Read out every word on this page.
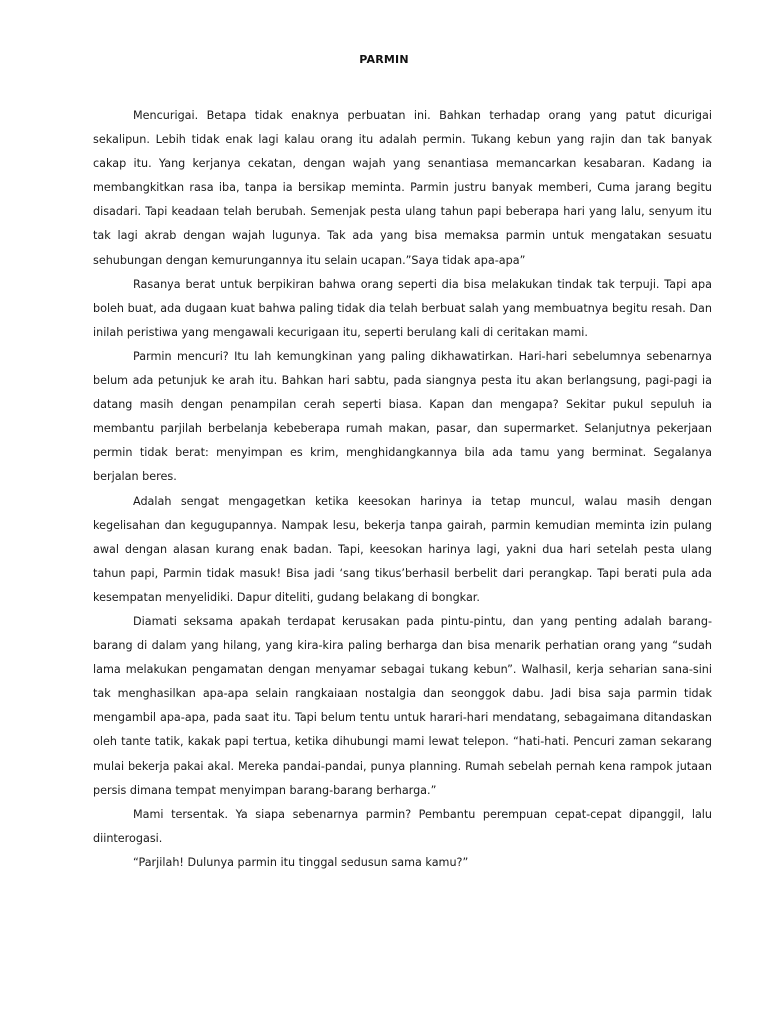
PARMIN

Mencurigai. Betapa tidak enaknya perbuatan ini. Bahkan terhadap orang yang patut dicurigai sekalipun. Lebih tidak enak lagi kalau orang itu adalah permin. Tukang kebun yang rajin dan tak banyak cakap itu. Yang kerjanya cekatan, dengan wajah yang senantiasa memancarkan kesabaran. Kadang ia membangkitkan rasa iba, tanpa ia bersikap meminta. Parmin justru banyak memberi, Cuma jarang begitu disadari. Tapi keadaan telah berubah. Semenjak pesta ulang tahun papi beberapa hari yang lalu, senyum itu tak lagi akrab dengan wajah lugunya. Tak ada yang bisa memaksa parmin untuk mengatakan sesuatu sehubungan dengan kemurungannya itu selain ucapan.”Saya tidak apa-apa”

Rasanya berat untuk berpikiran bahwa orang seperti dia bisa melakukan tindak tak terpuji. Tapi apa boleh buat, ada dugaan kuat bahwa paling tidak dia telah berbuat salah yang membuatnya begitu resah. Dan inilah peristiwa yang mengawali kecurigaan itu, seperti berulang kali di ceritakan mami.

Parmin mencuri? Itu lah kemungkinan yang paling dikhawatirkan. Hari-hari sebelumnya sebenarnya belum ada petunjuk ke arah itu. Bahkan hari sabtu, pada siangnya pesta itu akan berlangsung, pagi-pagi ia datang masih dengan penampilan cerah seperti biasa. Kapan dan mengapa? Sekitar pukul sepuluh ia membantu parjilah berbelanja kebeberapa rumah makan, pasar, dan supermarket. Selanjutnya pekerjaan permin tidak berat: menyimpan es krim, menghidangkannya bila ada tamu yang berminat. Segalanya berjalan beres.

Adalah sengat mengagetkan ketika keesokan harinya ia tetap muncul, walau masih dengan kegelisahan dan kegugupannya. Nampak lesu, bekerja tanpa gairah, parmin kemudian meminta izin pulang awal dengan alasan kurang enak badan. Tapi, keesokan harinya lagi, yakni dua hari setelah pesta ulang tahun papi, Parmin tidak masuk! Bisa jadi ‘sang tikus’berhasil berbelit dari perangkap. Tapi berati pula ada kesempatan menyelidiki. Dapur diteliti, gudang belakang di bongkar.

Diamati seksama apakah terdapat kerusakan pada pintu-pintu, dan yang penting adalah barang-barang di dalam yang hilang, yang kira-kira paling berharga dan bisa menarik perhatian orang yang “sudah lama melakukan pengamatan dengan menyamar sebagai tukang kebun”. Walhasil, kerja seharian sana-sini tak menghasilkan apa-apa selain rangkaiaan nostalgia dan seonggok dabu. Jadi bisa saja parmin tidak mengambil apa-apa, pada saat itu. Tapi belum tentu untuk harari-hari mendatang, sebagaimana ditandaskan oleh tante tatik, kakak papi tertua, ketika dihubungi mami lewat telepon. “hati-hati. Pencuri zaman sekarang mulai bekerja pakai akal. Mereka pandai-pandai, punya planning. Rumah sebelah pernah kena rampok jutaan persis dimana tempat menyimpan barang-barang berharga.”

Mami tersentak. Ya siapa sebenarnya parmin? Pembantu perempuan cepat-cepat dipanggil, lalu diinterogasi.

“Parjilah! Dulunya parmin itu tinggal sedusun sama kamu?”
